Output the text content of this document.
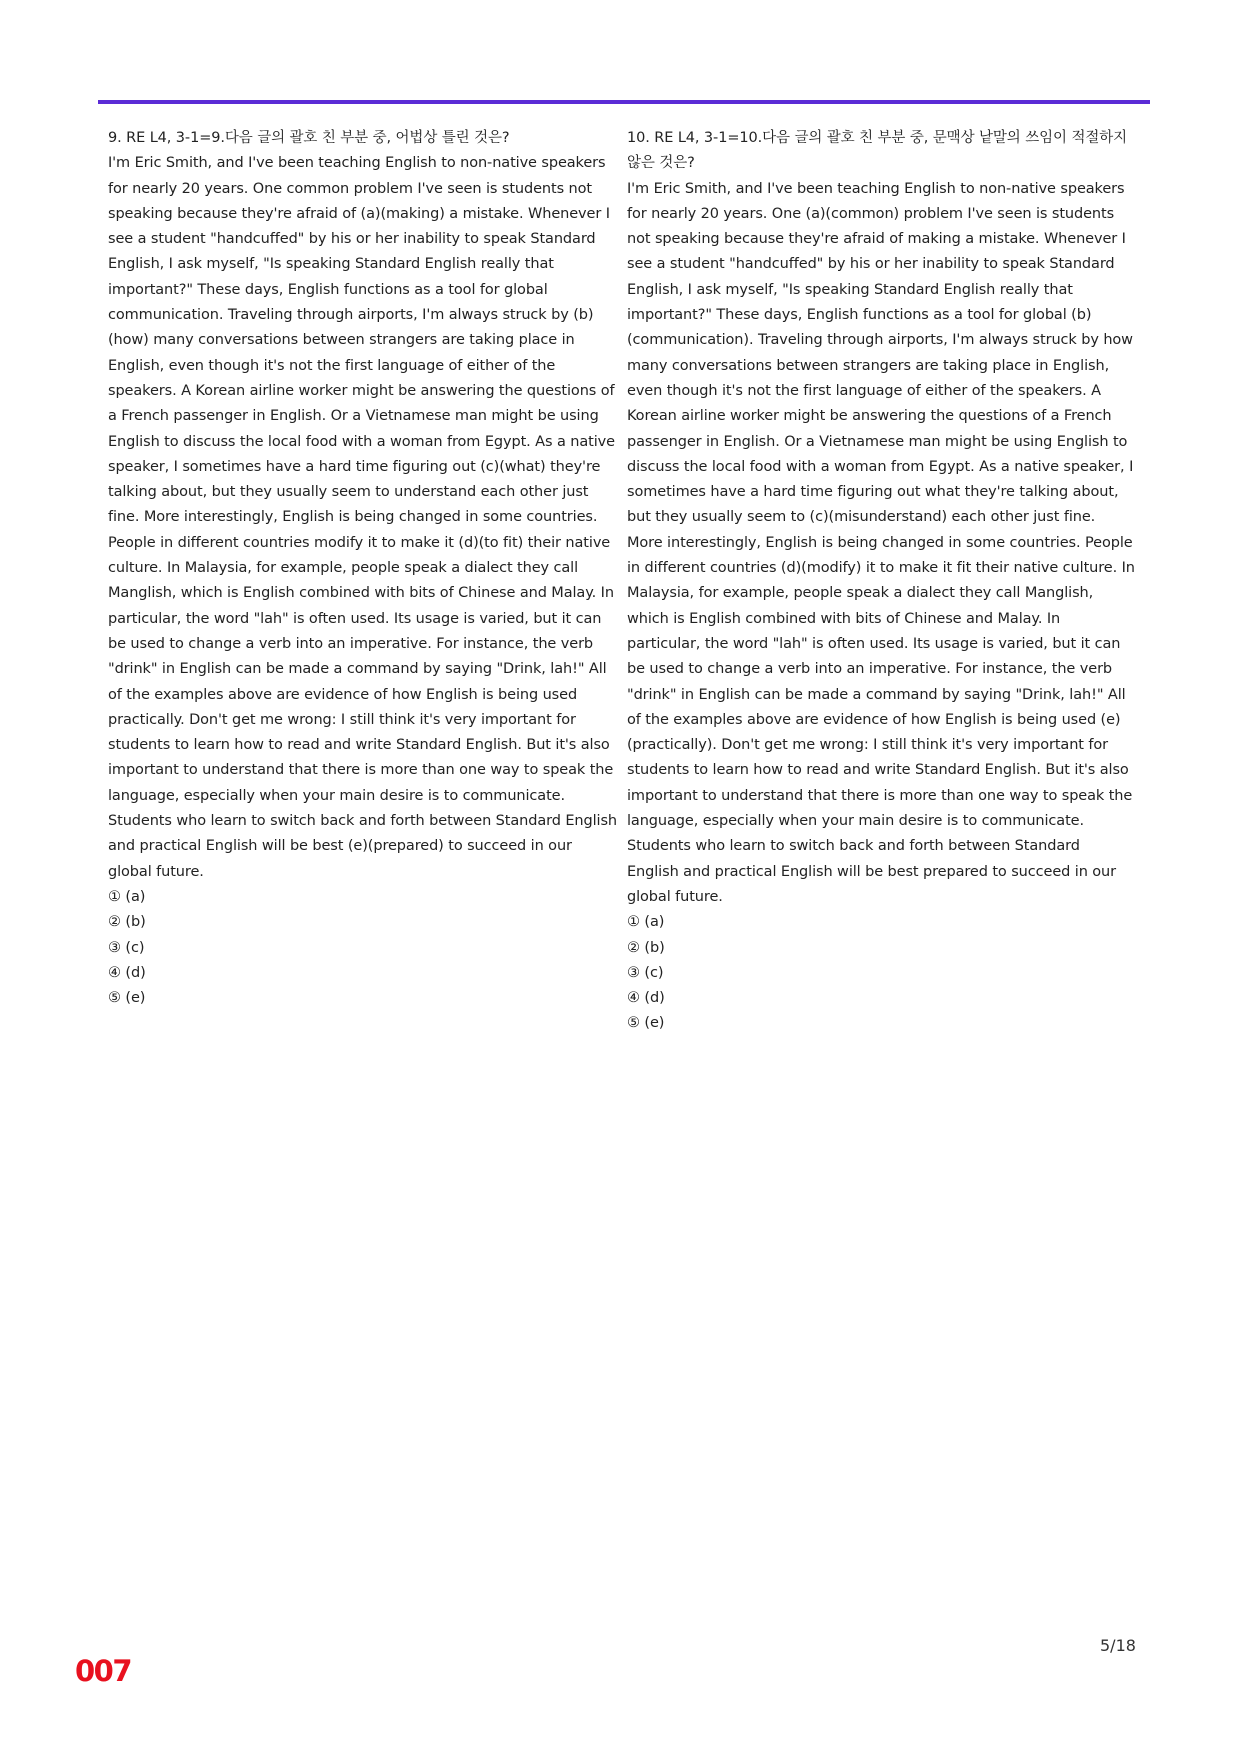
9. RE L4, 3-1=9.다음 글의 괄호 친 부분 중, 어법상 틀린 것은?

I'm Eric Smith, and I've been teaching English to non-native speakers for nearly 20 years. One common problem I've seen is students not speaking because they're afraid of (a)(making) a mistake. Whenever I see a student "handcuffed" by his or her inability to speak Standard English, I ask myself, "Is speaking Standard English really that important?" These days, English functions as a tool for global communication. Traveling through airports, I'm always struck by (b)(how) many conversations between strangers are taking place in English, even though it's not the first language of either of the speakers. A Korean airline worker might be answering the questions of a French passenger in English. Or a Vietnamese man might be using English to discuss the local food with a woman from Egypt. As a native speaker, I sometimes have a hard time figuring out (c)(what) they're talking about, but they usually seem to understand each other just fine. More interestingly, English is being changed in some countries. People in different countries modify it to make it (d)(to fit) their native culture. In Malaysia, for example, people speak a dialect they call Manglish, which is English combined with bits of Chinese and Malay. In particular, the word "lah" is often used. Its usage is varied, but it can be used to change a verb into an imperative. For instance, the verb "drink" in English can be made a command by saying "Drink, lah!" All of the examples above are evidence of how English is being used practically. Don't get me wrong: I still think it's very important for students to learn how to read and write Standard English. But it's also important to understand that there is more than one way to speak the language, especially when your main desire is to communicate. Students who learn to switch back and forth between Standard English and practical English will be best (e)(prepared) to succeed in our global future.

① (a)
② (b)
③ (c)
④ (d)
⑤ (e)
10. RE L4, 3-1=10.다음 글의 괄호 친 부분 중, 문맥상 낱말의 쓰임이 적절하지 않은 것은?

I'm Eric Smith, and I've been teaching English to non-native speakers for nearly 20 years. One (a)(common) problem I've seen is students not speaking because they're afraid of making a mistake. Whenever I see a student "handcuffed" by his or her inability to speak Standard English, I ask myself, "Is speaking Standard English really that important?" These days, English functions as a tool for global (b)(communication). Traveling through airports, I'm always struck by how many conversations between strangers are taking place in English, even though it's not the first language of either of the speakers. A Korean airline worker might be answering the questions of a French passenger in English. Or a Vietnamese man might be using English to discuss the local food with a woman from Egypt. As a native speaker, I sometimes have a hard time figuring out what they're talking about, but they usually seem to (c)(misunderstand) each other just fine. More interestingly, English is being changed in some countries. People in different countries (d)(modify) it to make it fit their native culture. In Malaysia, for example, people speak a dialect they call Manglish, which is English combined with bits of Chinese and Malay. In particular, the word "lah" is often used. Its usage is varied, but it can be used to change a verb into an imperative. For instance, the verb "drink" in English can be made a command by saying "Drink, lah!" All of the examples above are evidence of how English is being used (e)(practically). Don't get me wrong: I still think it's very important for students to learn how to read and write Standard English. But it's also important to understand that there is more than one way to speak the language, especially when your main desire is to communicate. Students who learn to switch back and forth between Standard English and practical English will be best prepared to succeed in our global future.

① (a)
② (b)
③ (c)
④ (d)
⑤ (e)
5/18
007
